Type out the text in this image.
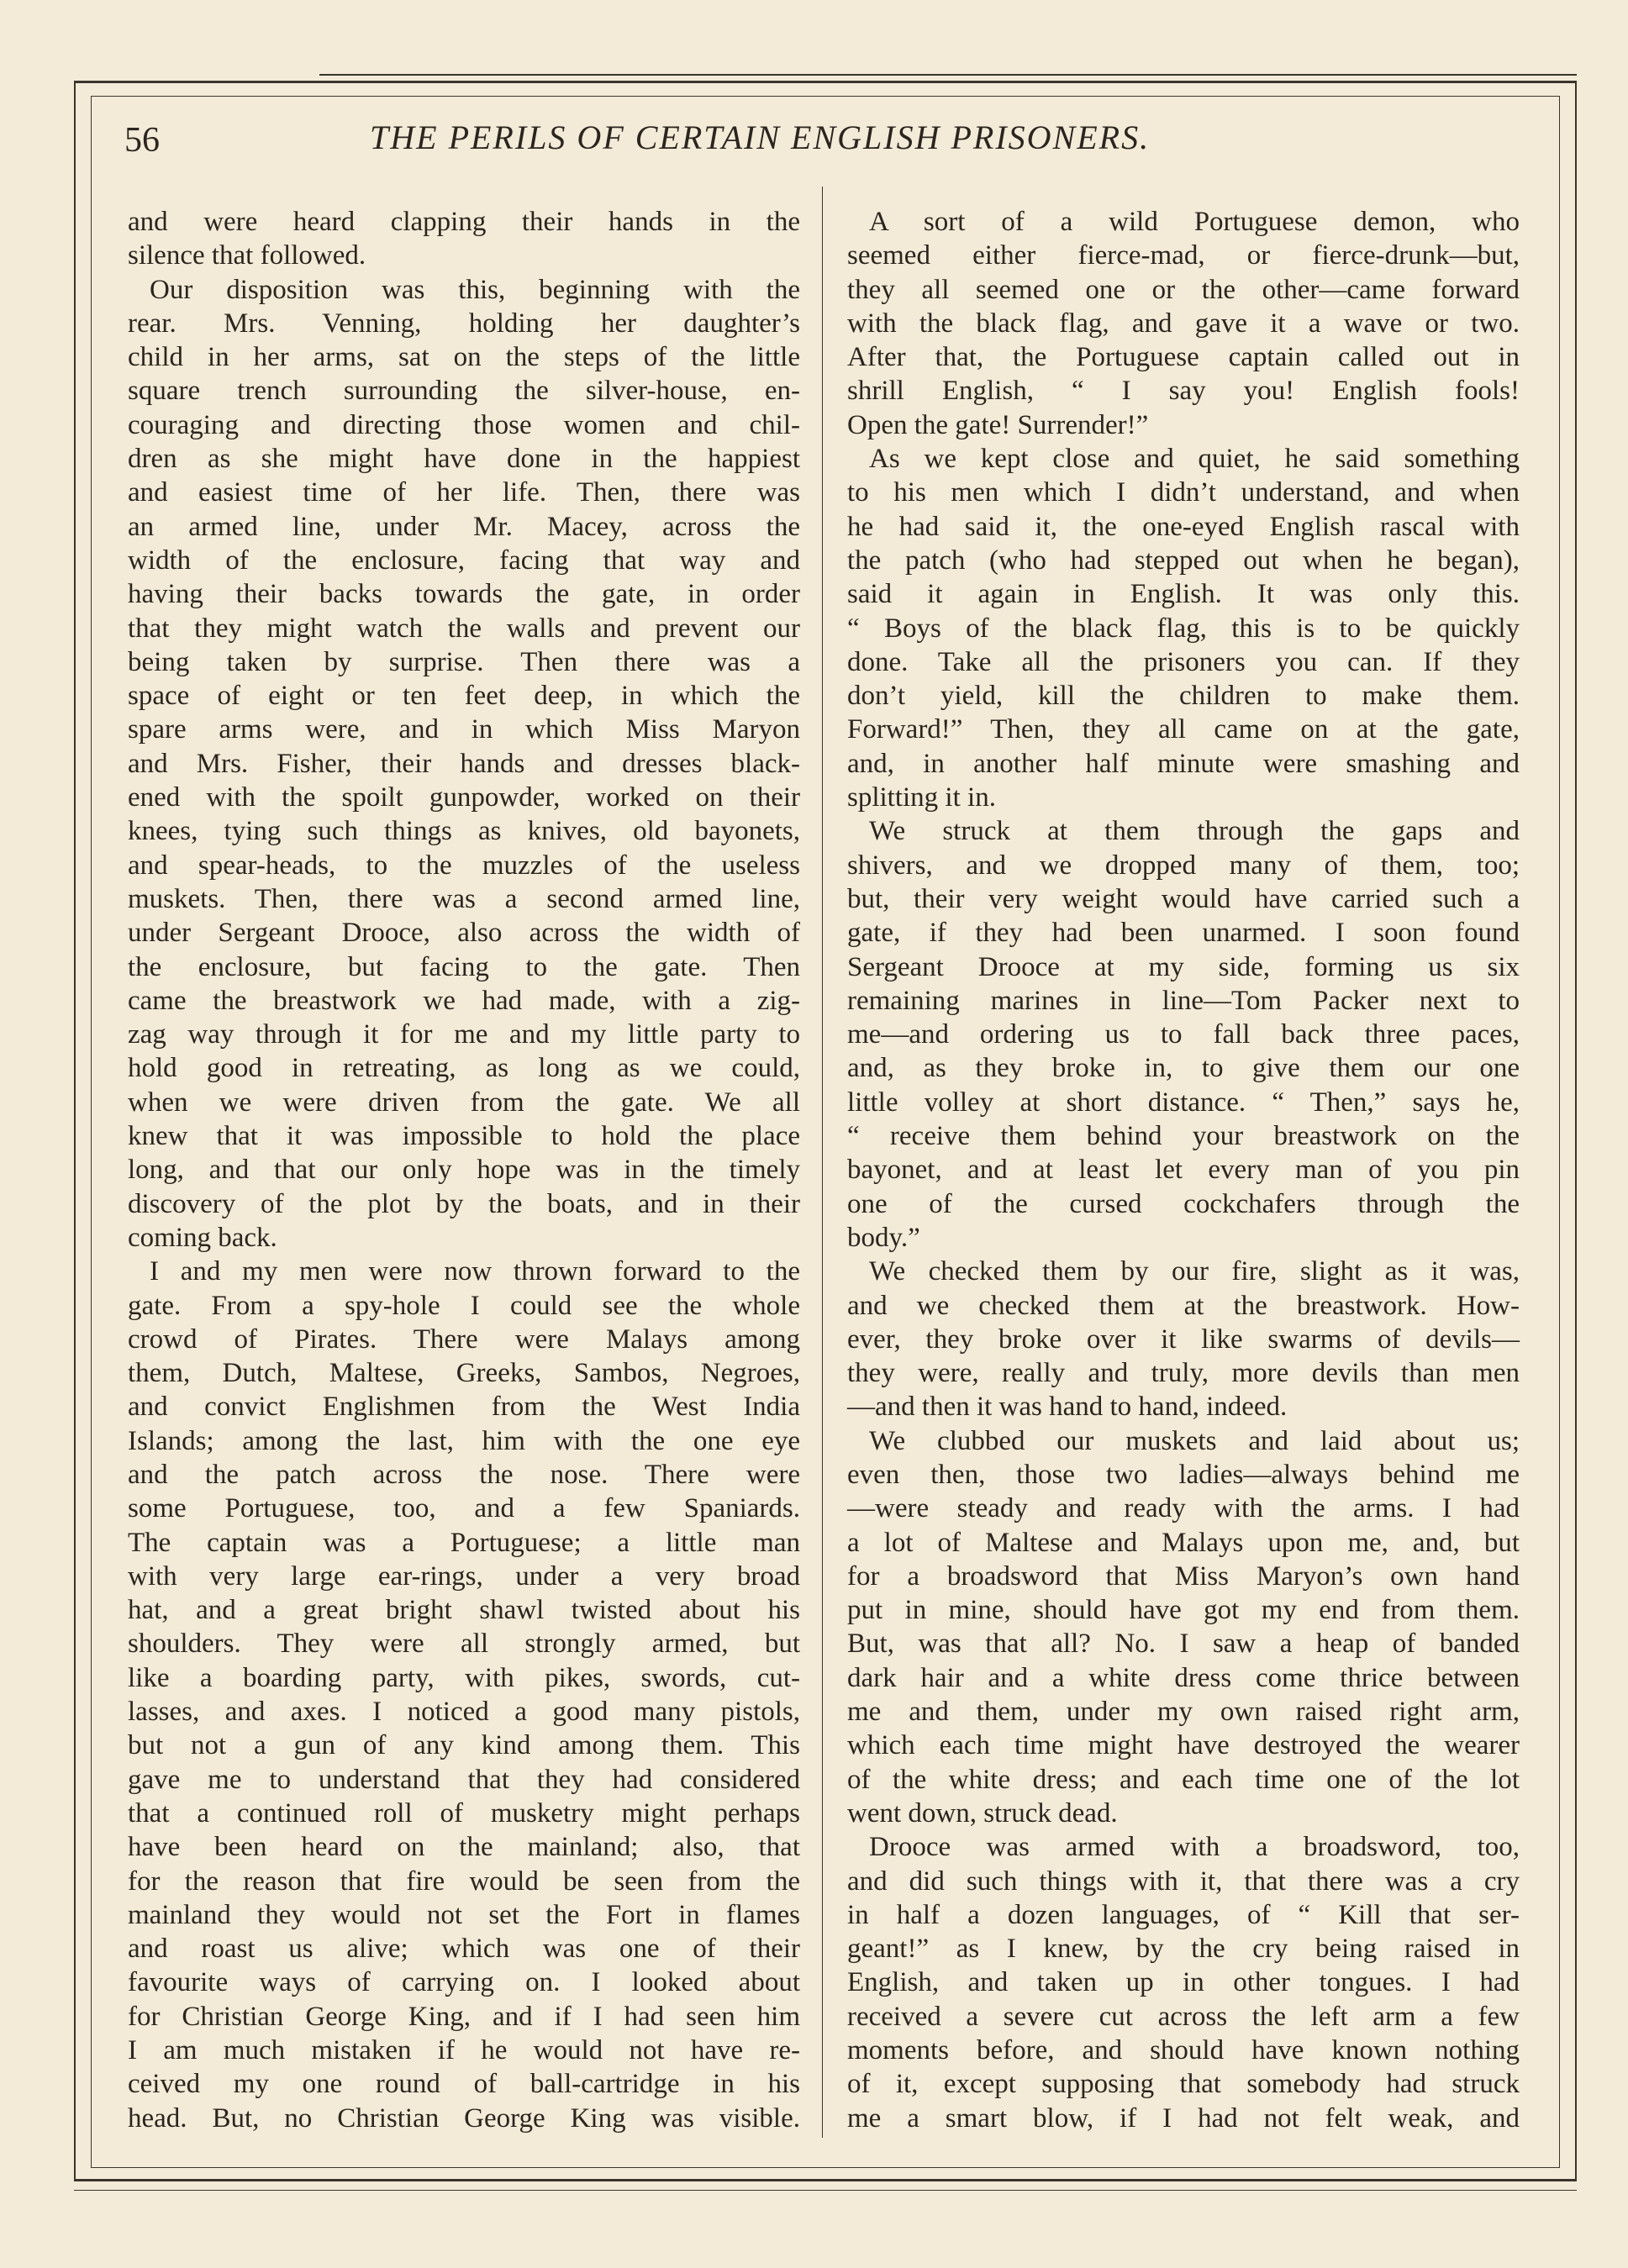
56	THE PERILS OF CERTAIN ENGLISH PRISONERS.
and were heard clapping their hands in the
silence that followed.
Our disposition was this, beginning with the
rear. Mrs. Venning, holding her daughter’s
child in her arms, sat on the steps of the little
square trench surrounding the silver-house, en-
couraging and directing those women and chil-
dren as she might have done in the happiest
and easiest time of her life. Then, there was
an armed line, under Mr. Macey, across the
width of the enclosure, facing that way and
having their backs towards the gate, in order
that they might watch the walls and prevent our
being taken by surprise. Then there was a
space of eight or ten feet deep, in which the
spare arms were, and in which Miss Maryon
and Mrs. Fisher, their hands and dresses black-
ened with the spoilt gunpowder, worked on their
knees, tying such things as knives, old bayonets,
and spear-heads, to the muzzles of the useless
muskets. Then, there was a second armed line,
under Sergeant Drooce, also across the width of
the enclosure, but facing to the gate. Then
came the breastwork we had made, with a zig-
zag way through it for me and my little party to
hold good in retreating, as long as we could,
when we were driven from the gate. We all
knew that it was impossible to hold the place
long, and that our only hope was in the timely
discovery of the plot by the boats, and in their
coming back.
I and my men were now thrown forward to the
gate. From a spy-hole I could see the whole
crowd of Pirates. There were Malays among
them, Dutch, Maltese, Greeks, Sambos, Negroes,
and convict Englishmen from the West India
Islands; among the last, him with the one eye
and the patch across the nose. There were
some Portuguese, too, and a few Spaniards.
The captain was a Portuguese; a little man
with very large ear-rings, under a very broad
hat, and a great bright shawl twisted about his
shoulders. They were all strongly armed, but
like a boarding party, with pikes, swords, cut-
lasses, and axes. I noticed a good many pistols,
but not a gun of any kind among them. This
gave me to understand that they had considered
that a continued roll of musketry might perhaps
have been heard on the mainland; also, that
for the reason that fire would be seen from the
mainland they would not set the Fort in flames
and roast us alive; which was one of their
favourite ways of carrying on. I looked about
for Christian George King, and if I had seen him
I am much mistaken if he would not have re-
ceived my one round of ball-cartridge in his
head. But, no Christian George King was visible.
A sort of a wild Portuguese demon, who
seemed either fierce-mad, or fierce-drunk—but,
they all seemed one or the other—came forward
with the black flag, and gave it a wave or two.
After that, the Portuguese captain called out in
shrill English, “ I say you! English fools!
Open the gate! Surrender!”
As we kept close and quiet, he said something
to his men which I didn’t understand, and when
he had said it, the one-eyed English rascal with
the patch (who had stepped out when he began),
said it again in English. It was only this.
“ Boys of the black flag, this is to be quickly
done. Take all the prisoners you can. If they
don’t yield, kill the children to make them.
Forward!” Then, they all came on at the gate,
and, in another half minute were smashing and
splitting it in.
We struck at them through the gaps and
shivers, and we dropped many of them, too;
but, their very weight would have carried such a
gate, if they had been unarmed. I soon found
Sergeant Drooce at my side, forming us six
remaining marines in line—Tom Packer next to
me—and ordering us to fall back three paces,
and, as they broke in, to give them our one
little volley at short distance. “ Then,” says he,
“ receive them behind your breastwork on the
bayonet, and at least let every man of you pin
one of the cursed cockchafers through the
body.”
We checked them by our fire, slight as it was,
and we checked them at the breastwork. How-
ever, they broke over it like swarms of devils—
they were, really and truly, more devils than men
—and then it was hand to hand, indeed.
We clubbed our muskets and laid about us;
even then, those two ladies—always behind me
—were steady and ready with the arms. I had
a lot of Maltese and Malays upon me, and, but
for a broadsword that Miss Maryon’s own hand
put in mine, should have got my end from them.
But, was that all? No. I saw a heap of banded
dark hair and a white dress come thrice between
me and them, under my own raised right arm,
which each time might have destroyed the wearer
of the white dress; and each time one of the lot
went down, struck dead.
Drooce was armed with a broadsword, too,
and did such things with it, that there was a cry
in half a dozen languages, of “ Kill that ser-
geant!” as I knew, by the cry being raised in
English, and taken up in other tongues. I had
received a severe cut across the left arm a few
moments before, and should have known nothing
of it, except supposing that somebody had struck
me a smart blow, if I had not felt weak, and
